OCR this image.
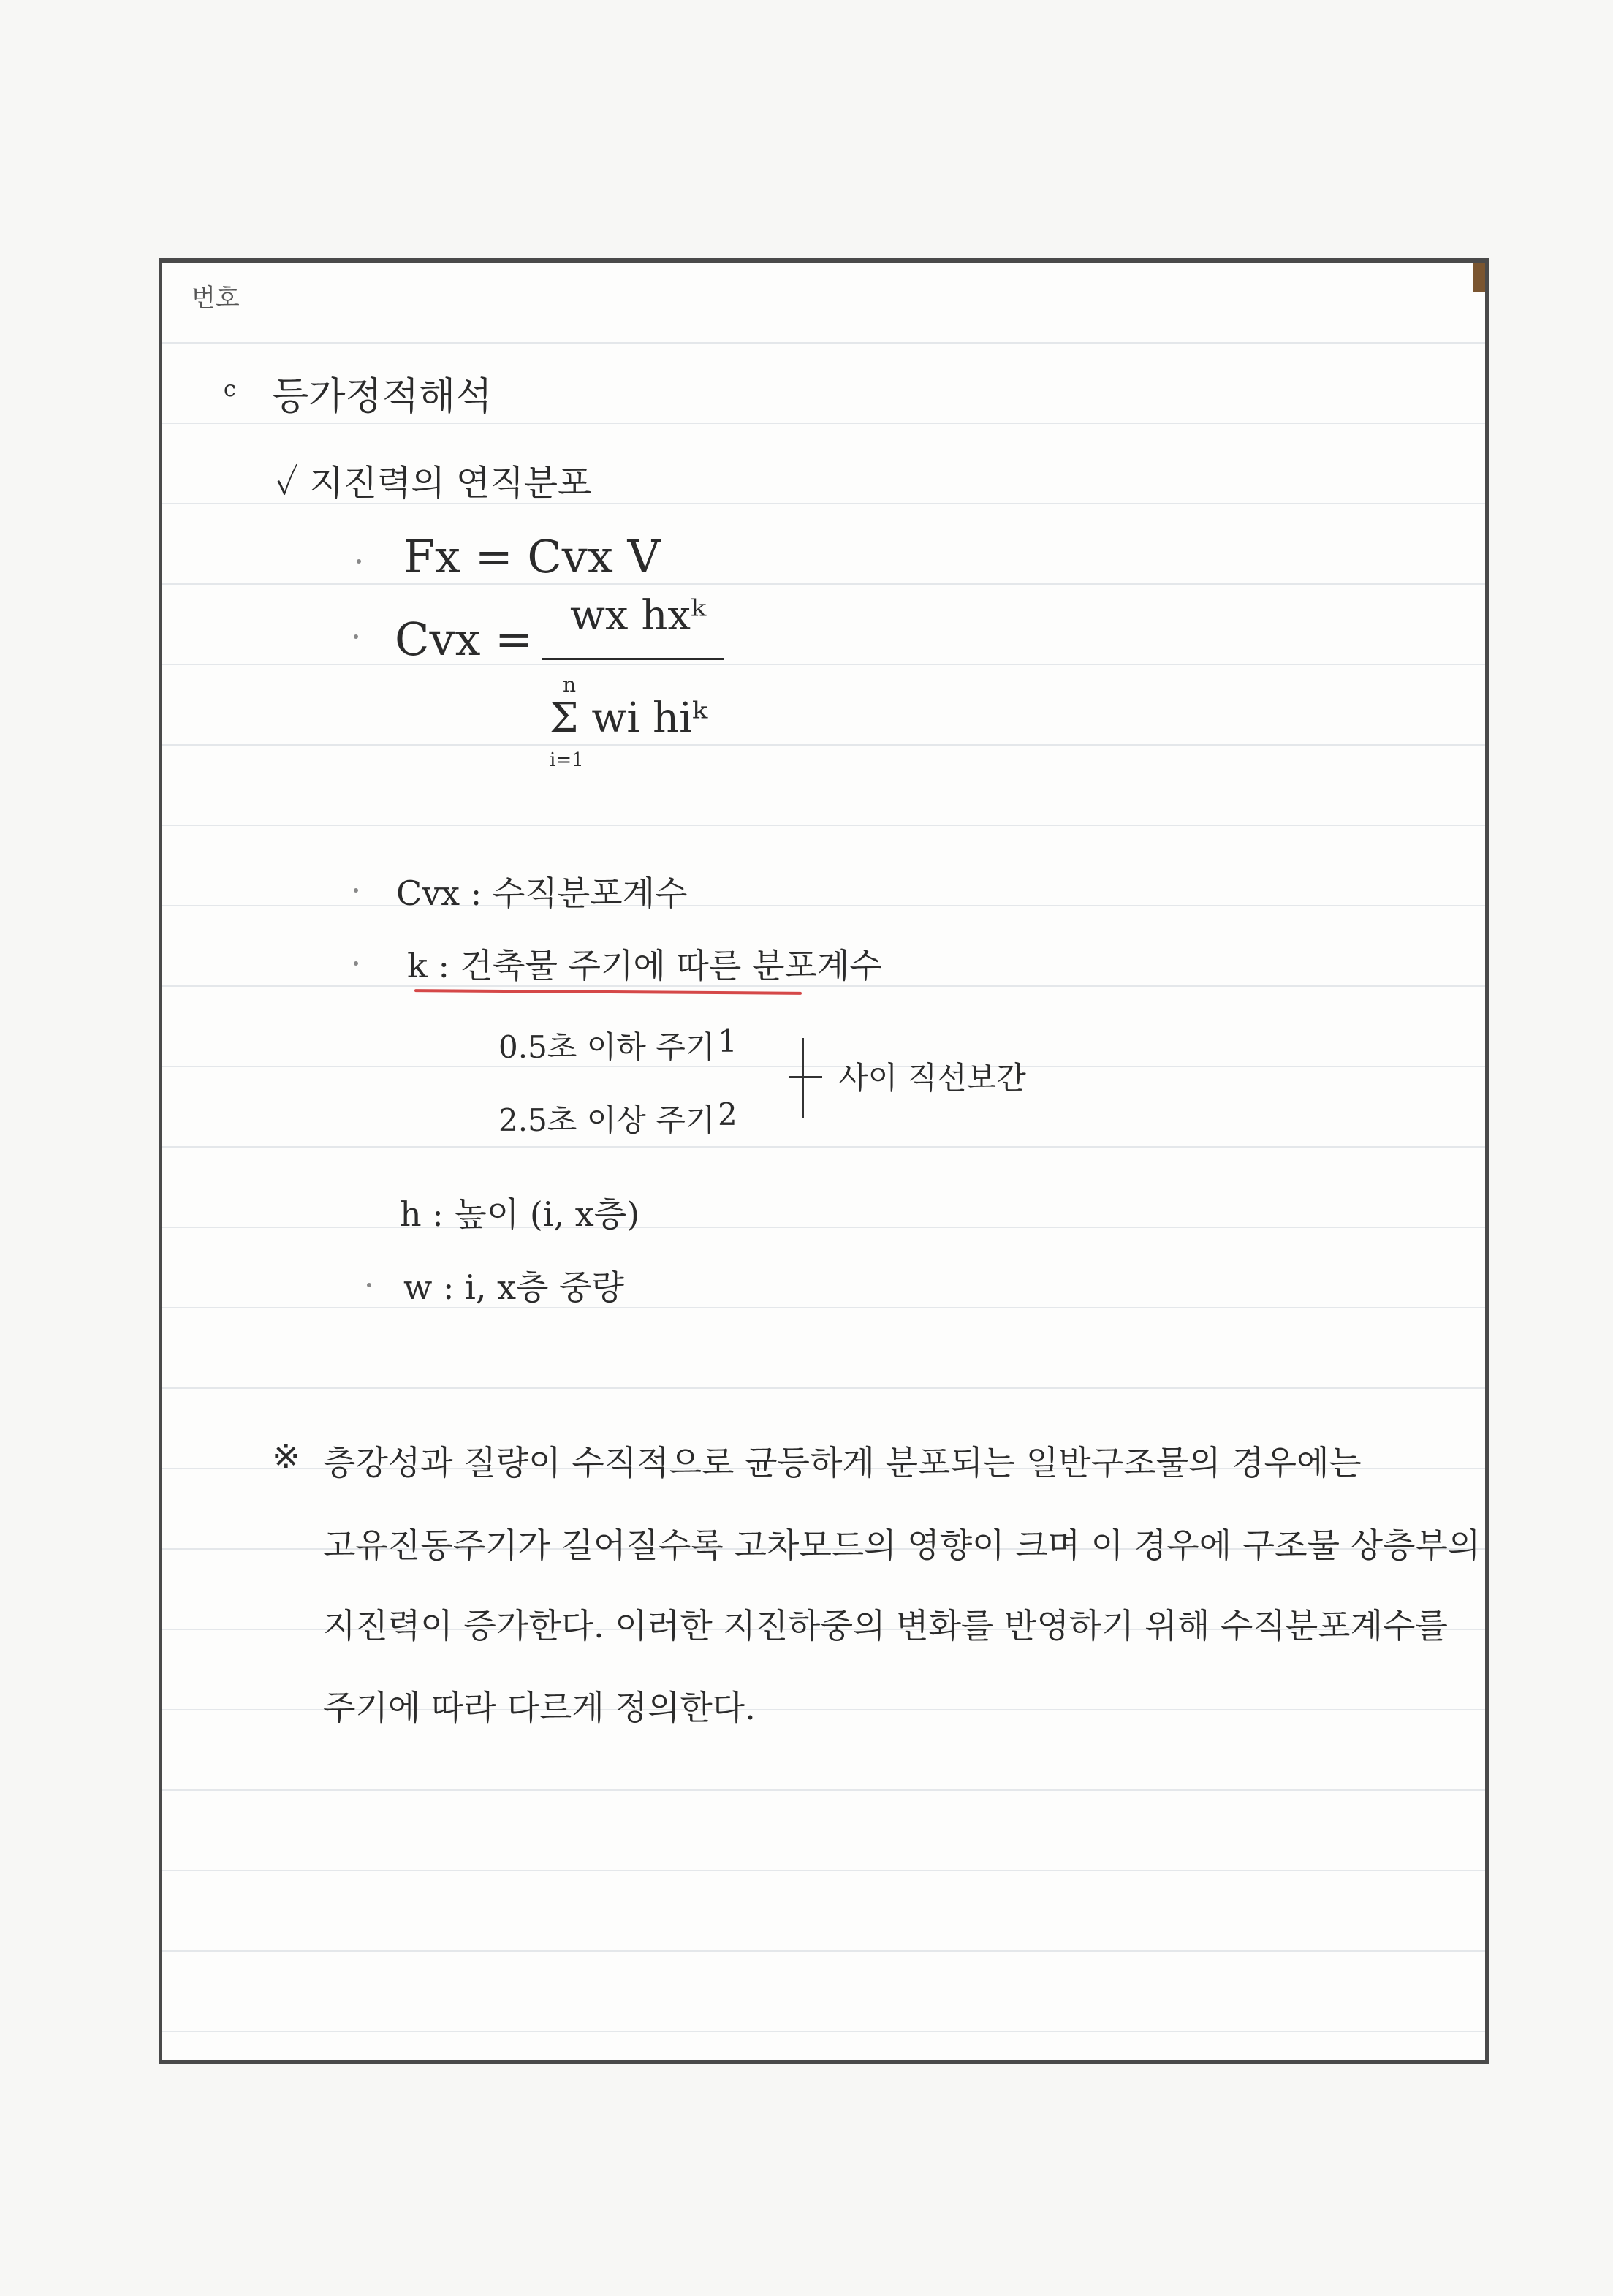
번호
c 등가정적해석
✓ 지진력의 연직분포
Fx = Cvx V
Cvx = wx hxᵏ
n
Σ wi hiᵏ
i=1
Cvx : 수직분포계수
k : 건축물 주기에 따른 분포계수
0.5초 이하 주기 1
2.5초 이상 주기 2
사이 직선보간
h : 높이 (i, x층)
w : i, x층 중량
※ 층강성과 질량이 수직적으로 균등하게 분포되는 일반구조물의 경우에는
고유진동주기가 길어질수록 고차모드의 영향이 크며 이 경우에 구조물 상층부의
지진력이 증가한다. 이러한 지진하중의 변화를 반영하기 위해 수직분포계수를
주기에 따라 다르게 정의한다.
